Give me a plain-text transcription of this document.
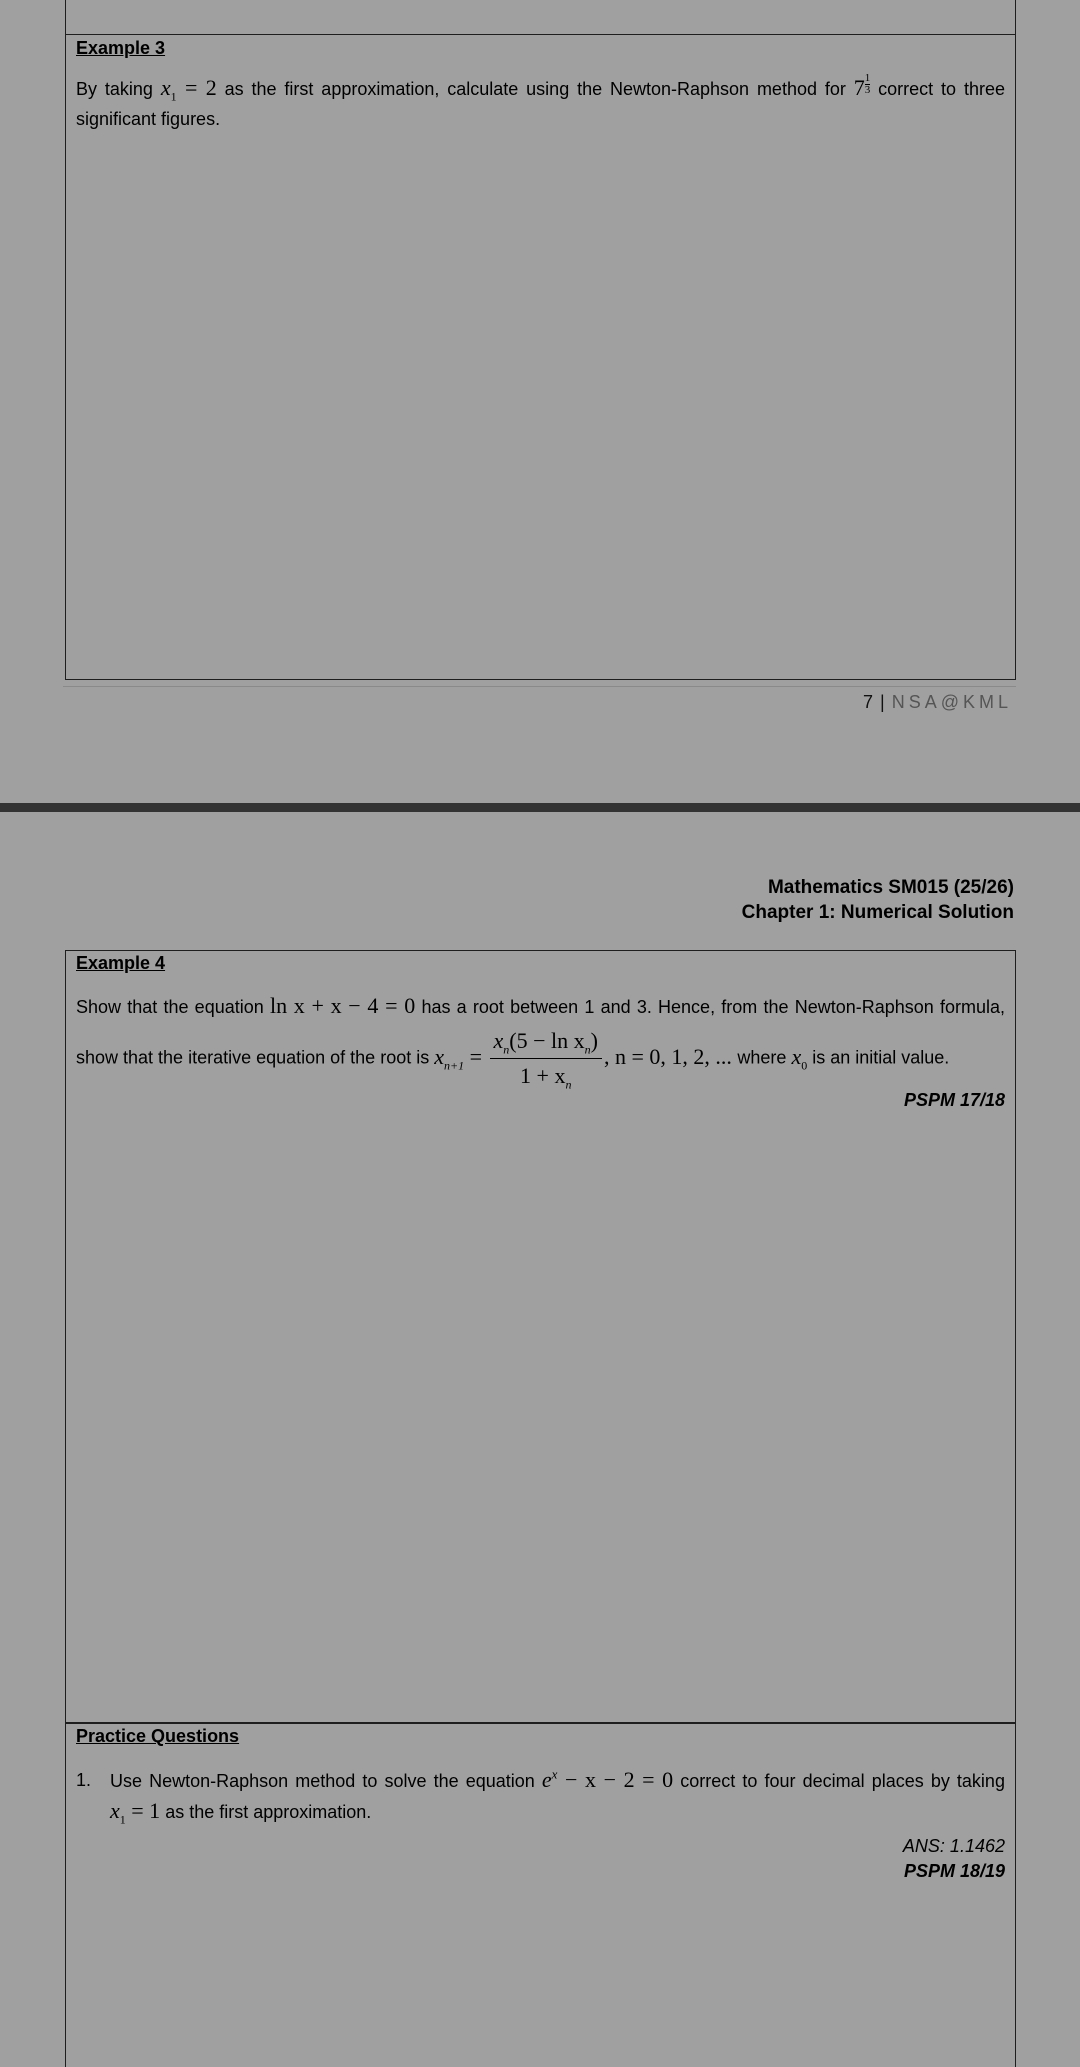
Example 3
By taking $x_1 = 2$ as the first approximation, calculate using the Newton-Raphson method for 7 $^{\frac{1}{3}}$ correct to three
significant figures.
7 | NSA@KML
Mathematics SM015 (25/26)
Chapter 1: Numerical Solution
Example 4
Show that the equation ln x + x − 4 = 0 has a root between 1 and 3. Hence, from the Newton-Raphson formula,
show that the iterative equation of the root is $x_{n+1} = \frac{x_n(5 - \ln x_n)}{1 + x_n}$ , n = 0, 1, 2, ... where $x_0$ is an initial value.
PSPM 17/18
Practice Questions
1.	Use Newton-Raphson method to solve the equation $e^x - x - 2 = 0$ correct to four decimal places by taking
$x_1 = 1$ as the first approximation.
ANS: 1.1462
PSPM 18/19
